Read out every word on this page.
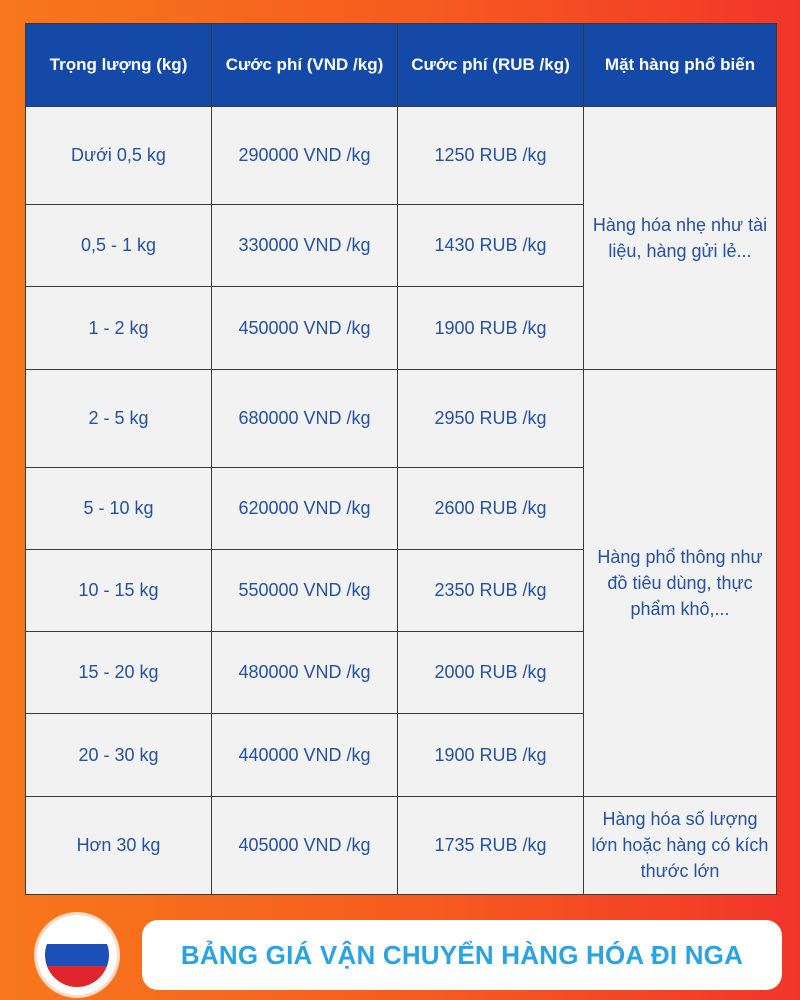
Trọng lượng (kg)	Cước phí (VND /kg)	Cước phí (RUB /kg)	Mặt hàng phổ biến
Dưới 0,5 kg	290000 VND /kg	1250 RUB /kg	Hàng hóa nhẹ như tài liệu, hàng gửi lẻ...
0,5 - 1 kg	330000 VND /kg	1430 RUB /kg	
1 - 2 kg	450000 VND /kg	1900 RUB /kg	
2 - 5 kg	680000 VND /kg	2950 RUB /kg	Hàng phổ thông như đồ tiêu dùng, thực phẩm khô,...
5 - 10 kg	620000 VND /kg	2600 RUB /kg	
10 - 15 kg	550000 VND /kg	2350 RUB /kg	
15 - 20 kg	480000 VND /kg	2000 RUB /kg	
20 - 30 kg	440000 VND /kg	1900 RUB /kg	
Hơn 30 kg	405000 VND /kg	1735 RUB /kg	Hàng hóa số lượng lớn hoặc hàng có kích thước lớn
BẢNG GIÁ VẬN CHUYỂN HÀNG HÓA ĐI NGA
